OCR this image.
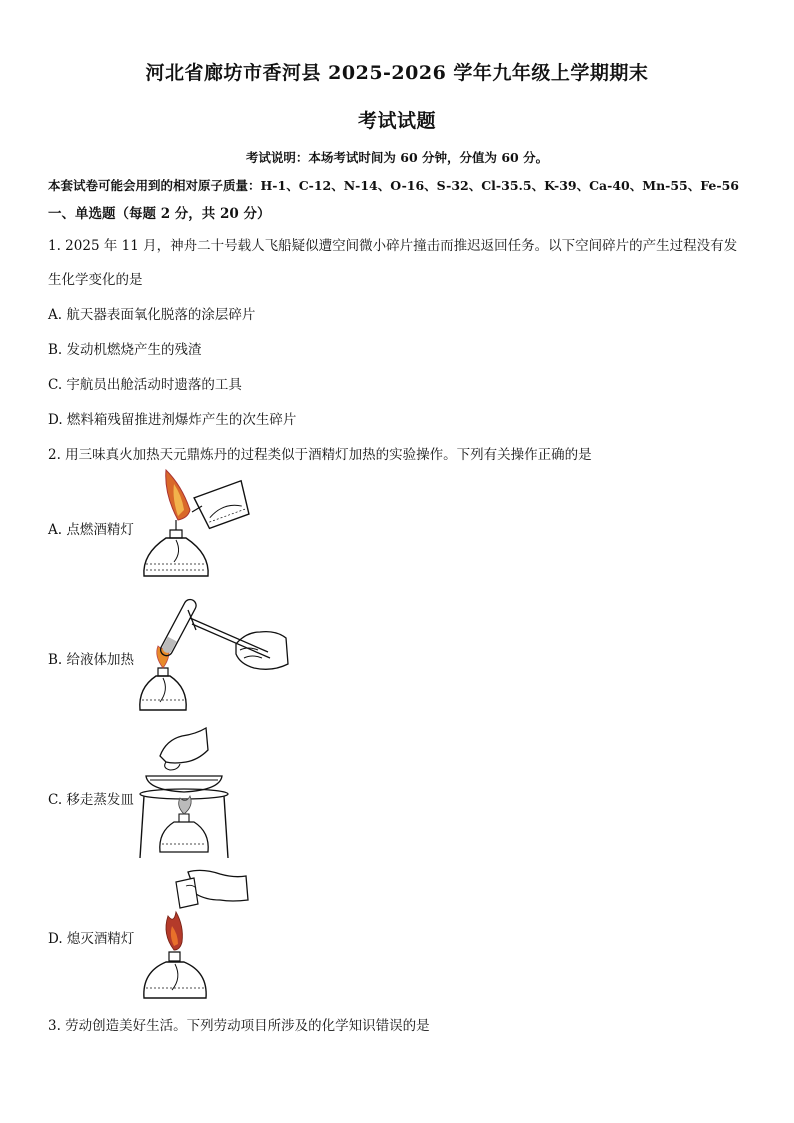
河北省廊坊市香河县 2025-2026 学年九年级上学期期末
考试试题
考试说明：本场考试时间为 60 分钟，分值为 60 分。
本套试卷可能会用到的相对原子质量：H-1、C-12、N-14、O-16、S-32、Cl-35.5、K-39、Ca-40、Mn-55、Fe-56
一、单选题（每题 2 分，共 20 分）
1. 2025 年 11 月，神舟二十号载人飞船疑似遭空间微小碎片撞击而推迟返回任务。以下空间碎片的产生过程没有发
生化学变化的是
A. 航天器表面氧化脱落的涂层碎片
B. 发动机燃烧产生的残渣
C. 宇航员出舱活动时遗落的工具
D. 燃料箱残留推进剂爆炸产生的次生碎片
2. 用三味真火加热天元鼎炼丹的过程类似于酒精灯加热的实验操作。下列有关操作正确的是
A. 点燃酒精灯
B. 给液体加热
C. 移走蒸发皿
D. 熄灭酒精灯
3. 劳动创造美好生活。下列劳动项目所涉及的化学知识错误的是
